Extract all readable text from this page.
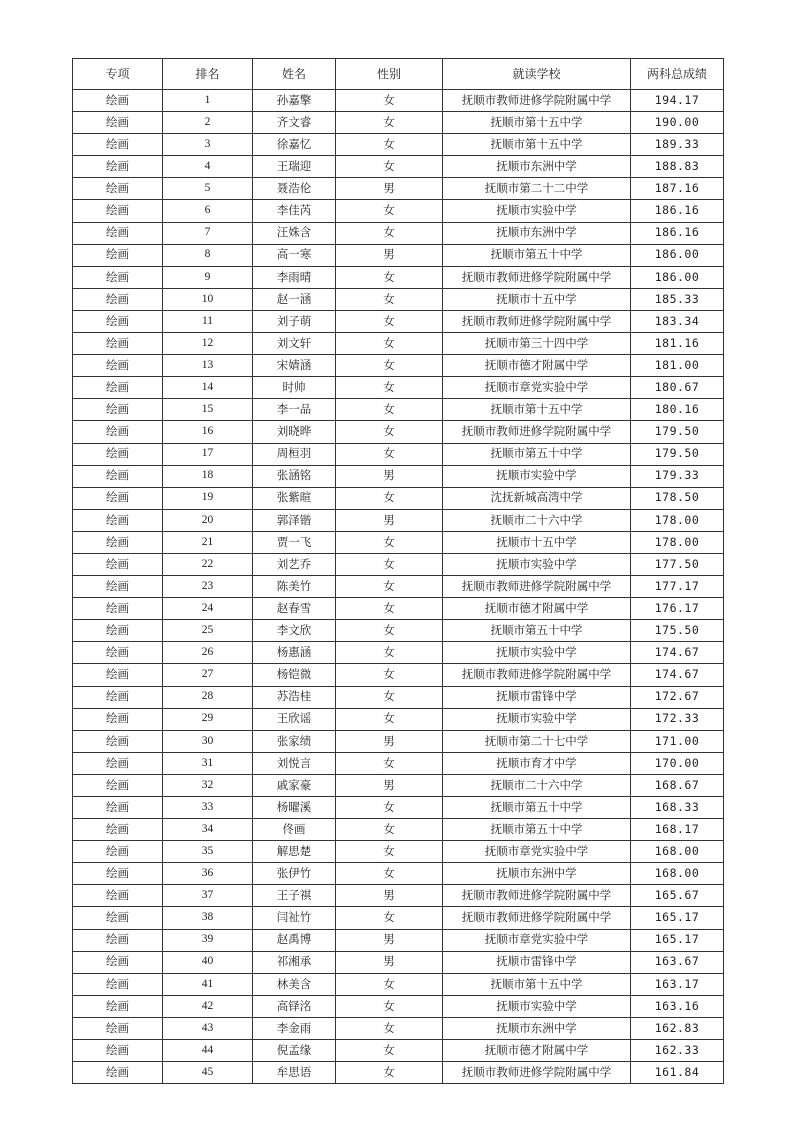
专项	排名	姓名	性别	就读学校	两科总成绩
绘画	1	孙嘉擎	女	抚顺市教师进修学院附属中学	194.17
绘画	2	齐文睿	女	抚顺市第十五中学	190.00
绘画	3	徐嘉忆	女	抚顺市第十五中学	189.33
绘画	4	王瑞迎	女	抚顺市东洲中学	188.83
绘画	5	聂浩伦	男	抚顺市第二十二中学	187.16
绘画	6	李佳芮	女	抚顺市实验中学	186.16
绘画	7	汪姝含	女	抚顺市东洲中学	186.16
绘画	8	高一寒	男	抚顺市第五十中学	186.00
绘画	9	李雨晴	女	抚顺市教师进修学院附属中学	186.00
绘画	10	赵一涵	女	抚顺市十五中学	185.33
绘画	11	刘子萌	女	抚顺市教师进修学院附属中学	183.34
绘画	12	刘文轩	女	抚顺市第三十四中学	181.16
绘画	13	宋婧涵	女	抚顺市德才附属中学	181.00
绘画	14	时帅	女	抚顺市章党实验中学	180.67
绘画	15	李一品	女	抚顺市第十五中学	180.16
绘画	16	刘晓晔	女	抚顺市教师进修学院附属中学	179.50
绘画	17	周桓羽	女	抚顺市第五十中学	179.50
绘画	18	张涵铭	男	抚顺市实验中学	179.33
绘画	19	张紫暄	女	沈抚新城高湾中学	178.50
绘画	20	郭泽锴	男	抚顺市二十六中学	178.00
绘画	21	贾一飞	女	抚顺市十五中学	178.00
绘画	22	刘艺乔	女	抚顺市实验中学	177.50
绘画	23	陈美竹	女	抚顺市教师进修学院附属中学	177.17
绘画	24	赵春雪	女	抚顺市德才附属中学	176.17
绘画	25	李文欣	女	抚顺市第五十中学	175.50
绘画	26	杨惠涵	女	抚顺市实验中学	174.67
绘画	27	杨铠微	女	抚顺市教师进修学院附属中学	174.67
绘画	28	苏浩桂	女	抚顺市雷锋中学	172.67
绘画	29	王欣谣	女	抚顺市实验中学	172.33
绘画	30	张家绩	男	抚顺市第二十七中学	171.00
绘画	31	刘悦言	女	抚顺市育才中学	170.00
绘画	32	戚家豪	男	抚顺市二十六中学	168.67
绘画	33	杨曜溪	女	抚顺市第五十中学	168.33
绘画	34	佟画	女	抚顺市第五十中学	168.17
绘画	35	解思楚	女	抚顺市章党实验中学	168.00
绘画	36	张伊竹	女	抚顺市东洲中学	168.00
绘画	37	王子祺	男	抚顺市教师进修学院附属中学	165.67
绘画	38	闫祉竹	女	抚顺市教师进修学院附属中学	165.17
绘画	39	赵禹博	男	抚顺市章党实验中学	165.17
绘画	40	祁湘承	男	抚顺市雷锋中学	163.67
绘画	41	林美含	女	抚顺市第十五中学	163.17
绘画	42	高铎洺	女	抚顺市实验中学	163.16
绘画	43	李金雨	女	抚顺市东洲中学	162.83
绘画	44	倪孟缘	女	抚顺市德才附属中学	162.33
绘画	45	牟思语	女	抚顺市教师进修学院附属中学	161.84
